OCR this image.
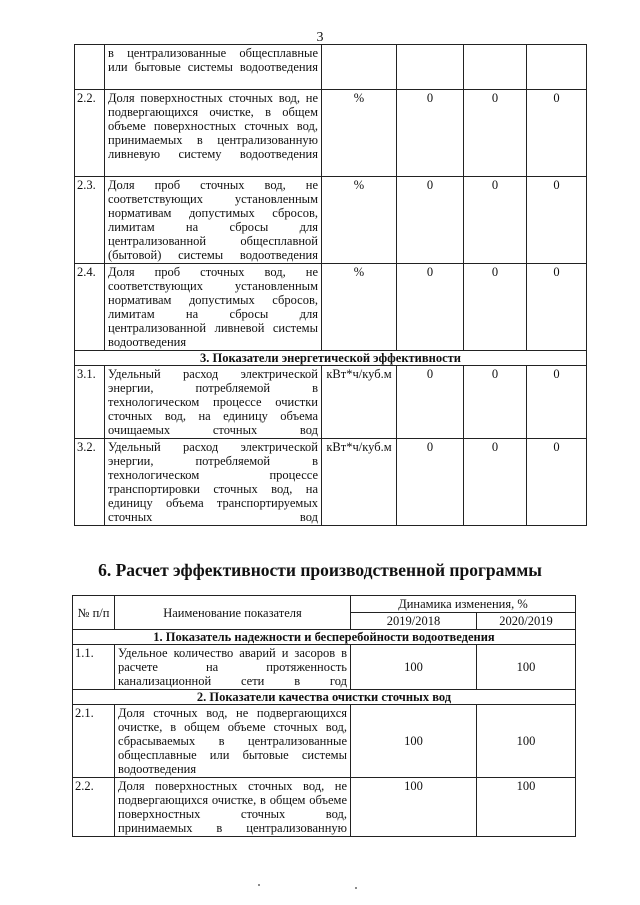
3
	в централизованные общесплавные или бытовые системы водоотведения				
2.2.	Доля поверхностных сточных вод, не подвергающихся очистке, в общем объеме поверхностных сточных вод, принимаемых в централизованную ливневую систему водоотведения	%	0	0	0
2.3.	Доля проб сточных вод, не соответствующих установленным нормативам допустимых сбросов, лимитам на сбросы для централизованной общесплавной (бытовой) системы водоотведения	%	0	0	0
2.4.	Доля проб сточных вод, не соответствующих установленным нормативам допустимых сбросов, лимитам на сбросы для централизованной ливневой системы водоотведения	%	0	0	0
3. Показатели энергетической эффективности					
3.1.	Удельный расход электрической энергии, потребляемой в технологическом процессе очистки сточных вод, на единицу объема очищаемых сточных вод	кВт*ч/куб.м	0	0	0
3.2.	Удельный расход электрической энергии, потребляемой в технологическом процессе транспортировки сточных вод, на единицу объема транспортируемых сточных вод	кВт*ч/куб.м	0	0	0
6. Расчет эффективности производственной программы
№ п/п	Наименование показателя	Динамика изменения, %	
		2019/2018	2020/2019
1. Показатель надежности и бесперебойности водоотведения			
1.1.	Удельное количество аварий и засоров в расчете на протяженность канализационной сети в год	100	100
2. Показатели качества очистки сточных вод			
2.1.	Доля сточных вод, не подвергающихся очистке, в общем объеме сточных вод, сбрасываемых в централизованные общесплавные или бытовые системы водоотведения	100	100
2.2.	Доля поверхностных сточных вод, не подвергающихся очистке, в общем объеме поверхностных сточных вод, принимаемых в централизованную	100	100
